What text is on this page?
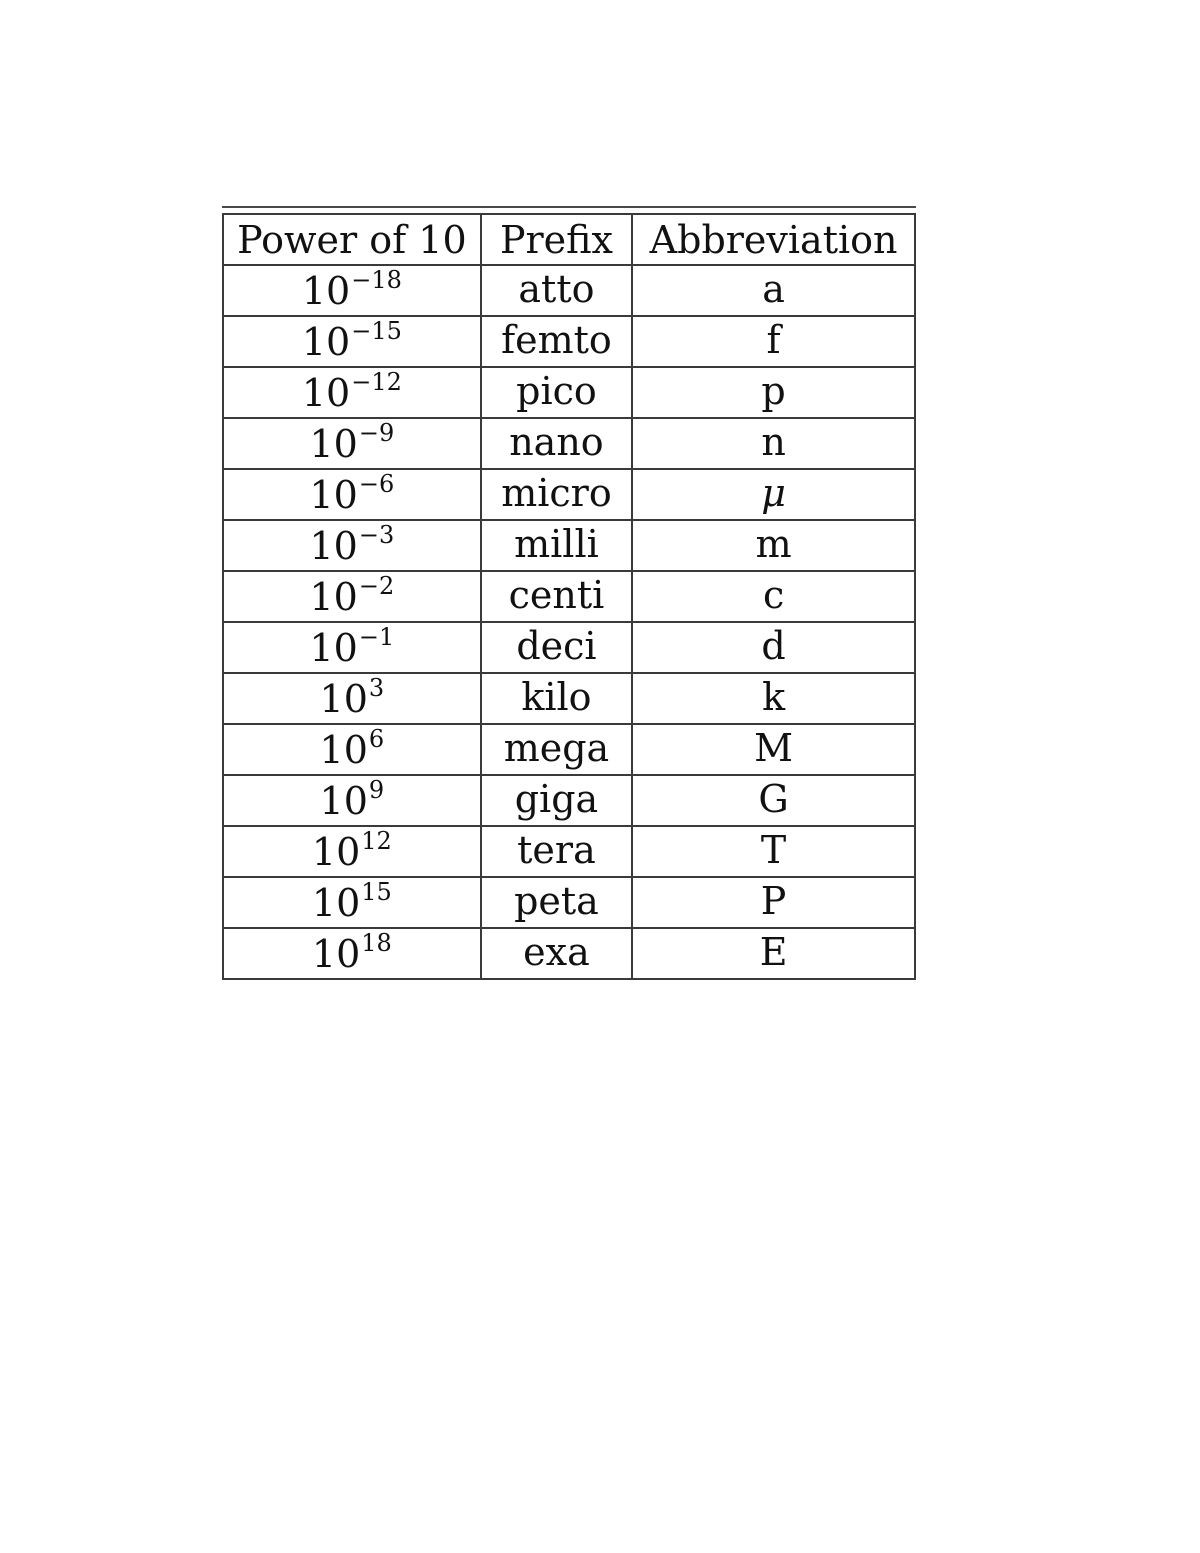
Power of 10	Prefix	Abbreviation
$10^{-18}$	atto	a
$10^{-15}$	femto	f
$10^{-12}$	pico	p
$10^{-9}$	nano	n
$10^{-6}$	micro	μ
$10^{-3}$	milli	m
$10^{-2}$	centi	c
$10^{-1}$	deci	d
$10^3$	kilo	k
$10^6$	mega	M
$10^9$	giga	G
$10^{12}$	tera	T
$10^{15}$	peta	P
$10^{18}$	exa	E
